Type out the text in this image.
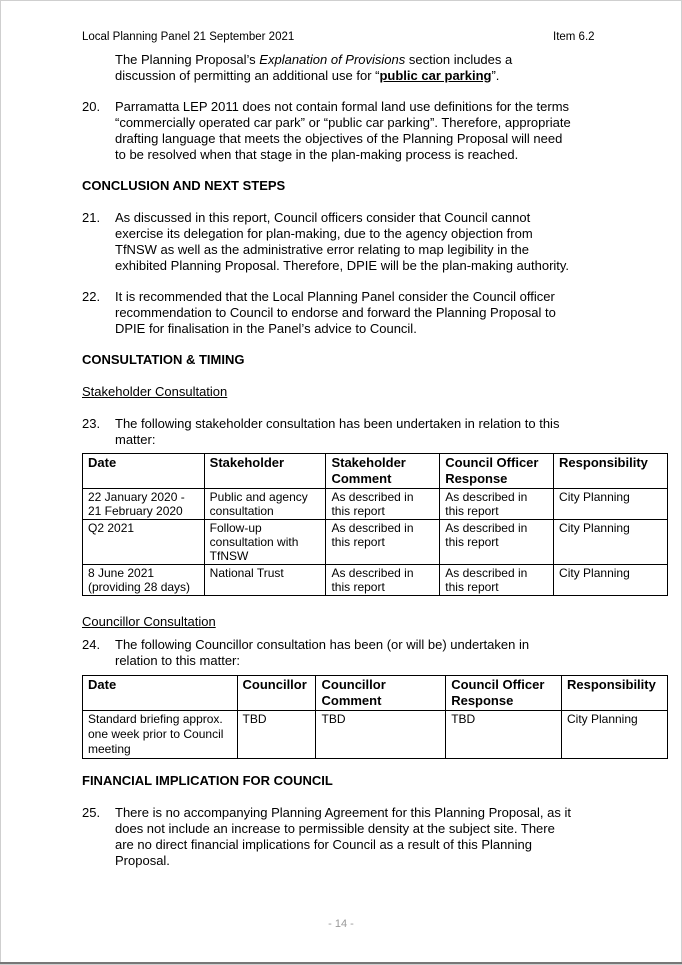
Local Planning Panel 21 September 2021	Item 6.2
The Planning Proposal’s Explanation of Provisions section includes a
discussion of permitting an additional use for “public car parking”.
20. Parramatta LEP 2011 does not contain formal land use definitions for the terms
“commercially operated car park” or “public car parking”. Therefore, appropriate
drafting language that meets the objectives of the Planning Proposal will need
to be resolved when that stage in the plan-making process is reached.
CONCLUSION AND NEXT STEPS
21. As discussed in this report, Council officers consider that Council cannot
exercise its delegation for plan-making, due to the agency objection from
TfNSW as well as the administrative error relating to map legibility in the
exhibited Planning Proposal. Therefore, DPIE will be the plan-making authority.
22. It is recommended that the Local Planning Panel consider the Council officer
recommendation to Council to endorse and forward the Planning Proposal to
DPIE for finalisation in the Panel’s advice to Council.
CONSULTATION & TIMING
Stakeholder Consultation
23. The following stakeholder consultation has been undertaken in relation to this
matter:
Date	Stakeholder	Stakeholder Comment	Council Officer Response	Responsibility
22 January 2020 - 21 February 2020	Public and agency consultation	As described in this report	As described in this report	City Planning
Q2 2021	Follow-up consultation with TfNSW	As described in this report	As described in this report	City Planning
8 June 2021 (providing 28 days)	National Trust	As described in this report	As described in this report	City Planning
Councillor Consultation
24. The following Councillor consultation has been (or will be) undertaken in
relation to this matter:
Date	Councillor	Councillor Comment	Council Officer Response	Responsibility
Standard briefing approx. one week prior to Council meeting	TBD	TBD	TBD	City Planning
FINANCIAL IMPLICATION FOR COUNCIL
25. There is no accompanying Planning Agreement for this Planning Proposal, as it
does not include an increase to permissible density at the subject site. There
are no direct financial implications for Council as a result of this Planning
Proposal.
- 14 -
